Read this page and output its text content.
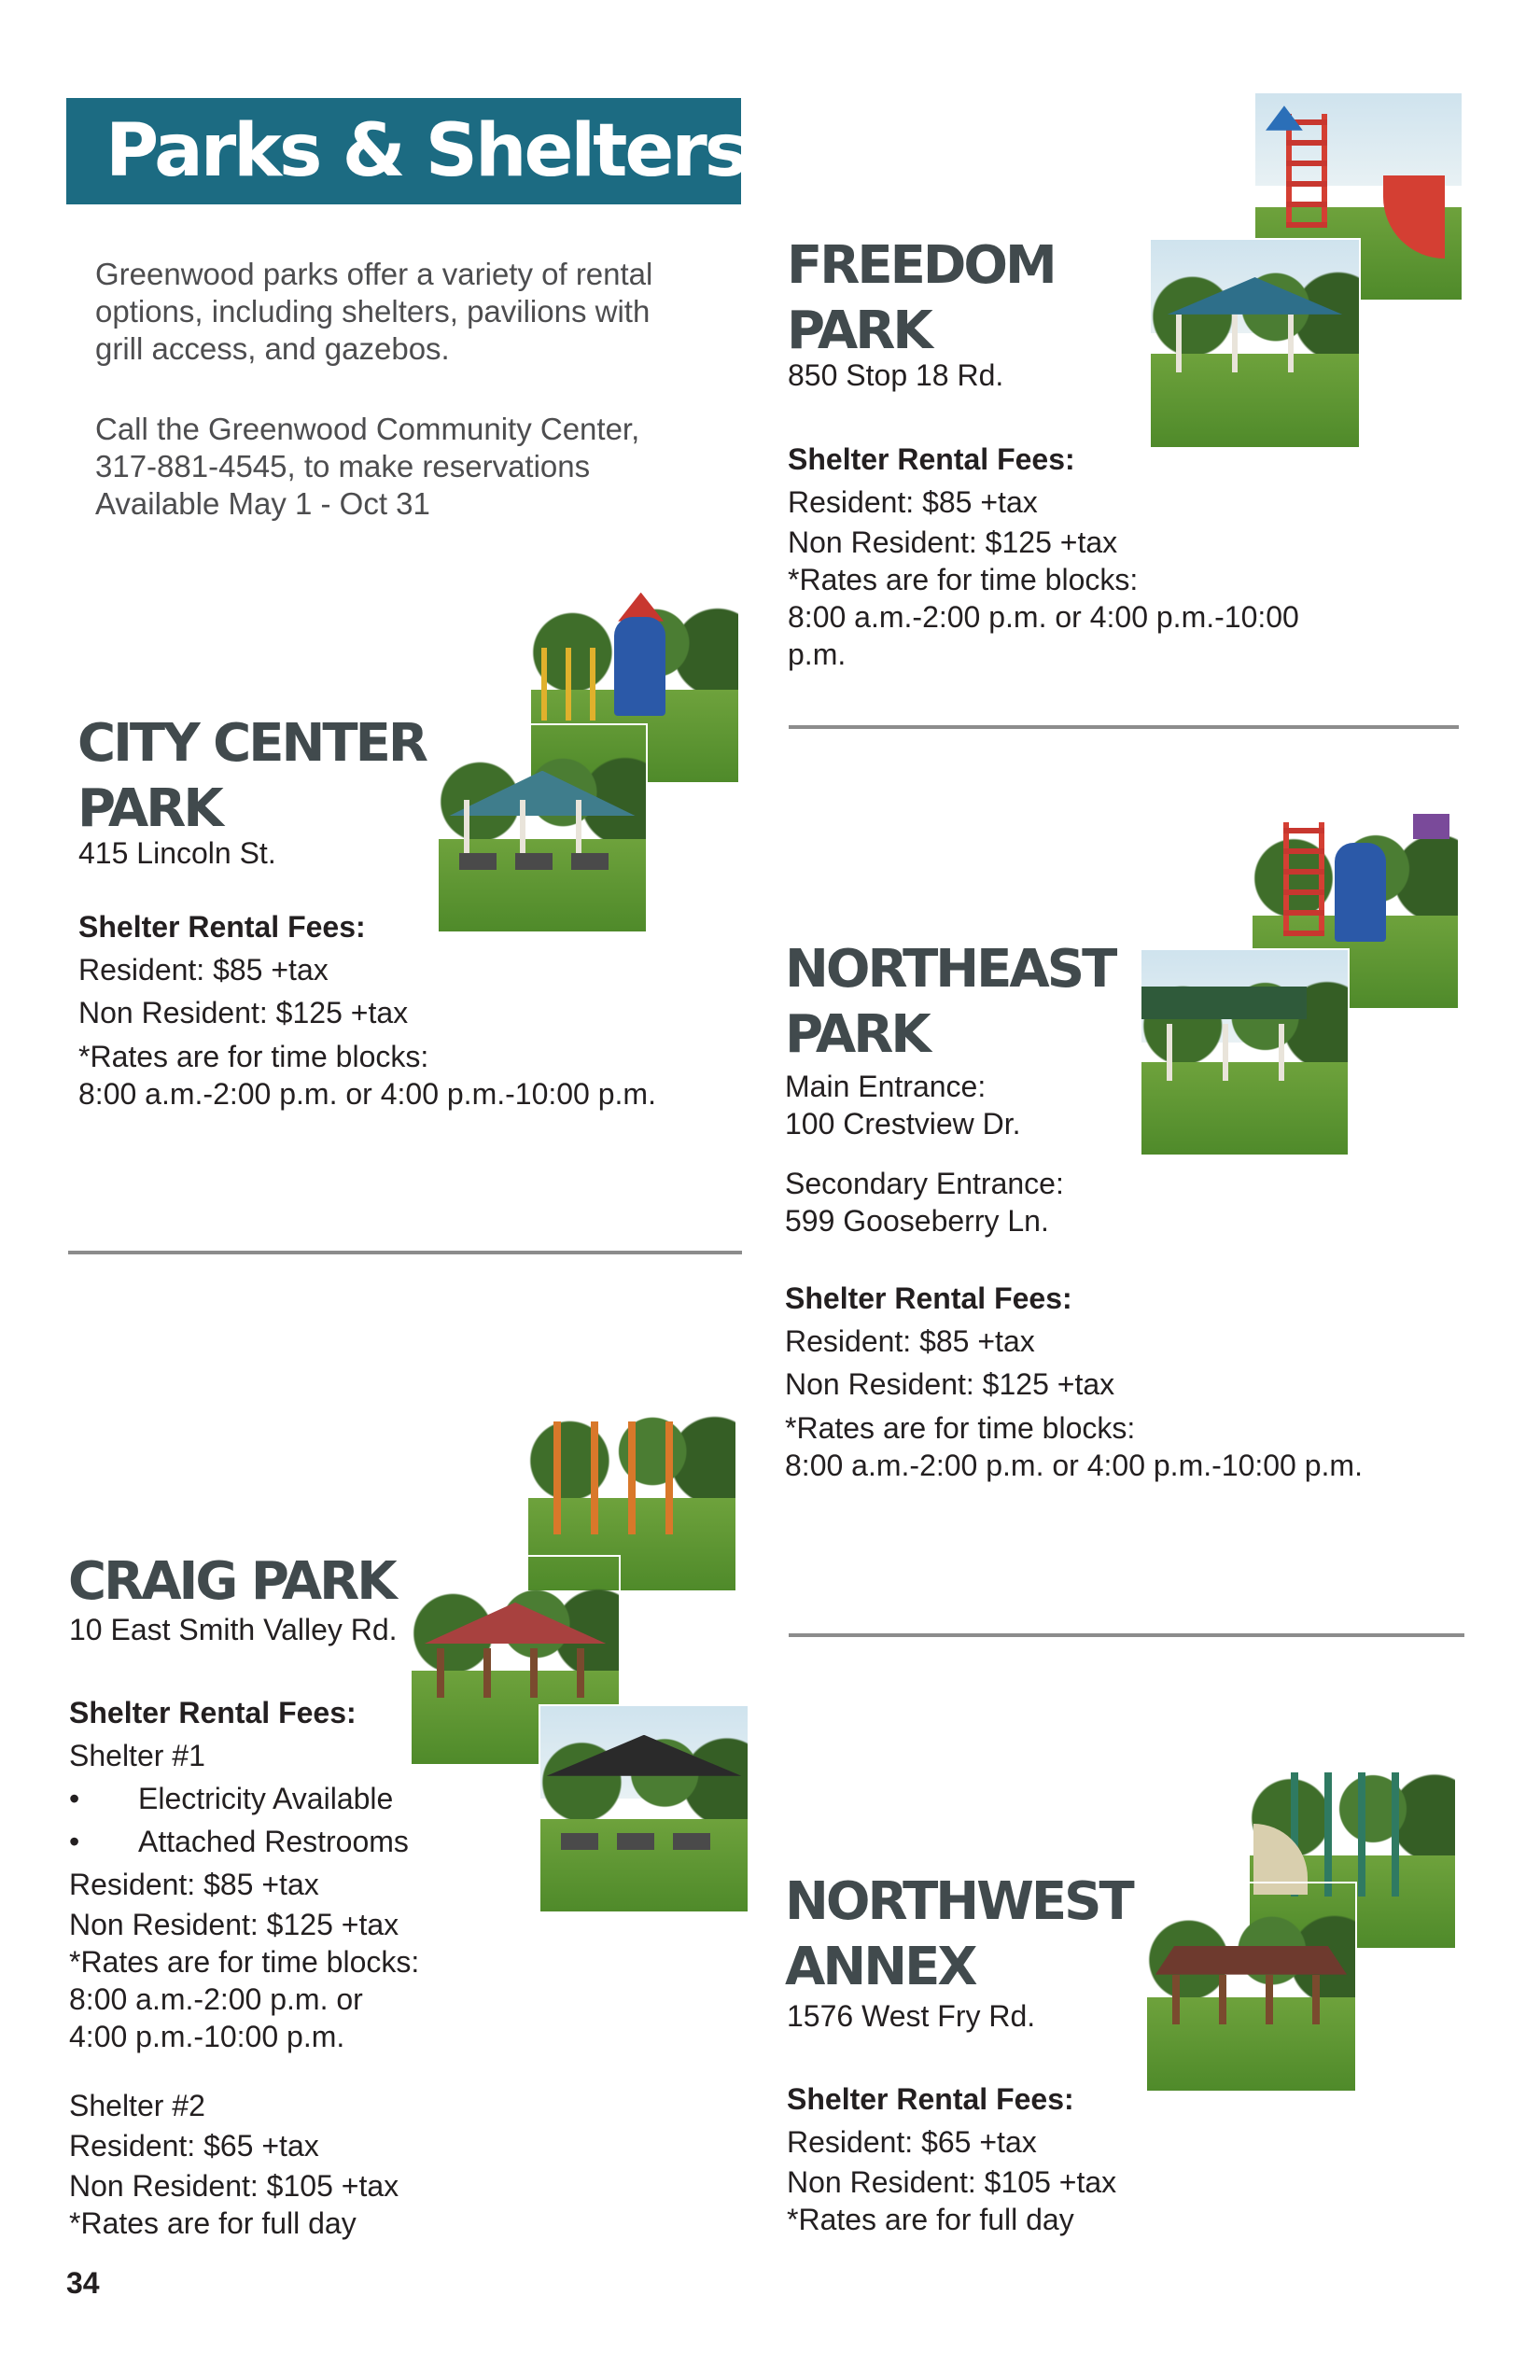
Parks & Shelters

Greenwood parks offer a variety of rental
options, including shelters, pavilions with
grill access, and gazebos.

Call the Greenwood Community Center,
317-881-4545, to make reservations
Available May 1 - Oct 31

FREEDOM
PARK
850 Stop 18 Rd.
Shelter Rental Fees:
Resident: $85 +tax
Non Resident: $125 +tax
*Rates are for time blocks:
8:00 a.m.-2:00 p.m. or 4:00 p.m.-10:00
p.m.
CITY CENTER
PARK
415 Lincoln St.
Shelter Rental Fees:
Resident: $85 +tax
Non Resident: $125 +tax
*Rates are for time blocks:
8:00 a.m.-2:00 p.m. or 4:00 p.m.-10:00 p.m.
NORTHEAST
PARK
Main Entrance:
100 Crestview Dr.
Secondary Entrance:
599 Gooseberry Ln.
Shelter Rental Fees:
Resident: $85 +tax
Non Resident: $125 +tax
*Rates are for time blocks:
8:00 a.m.-2:00 p.m. or 4:00 p.m.-10:00 p.m.
CRAIG PARK
10 East Smith Valley Rd.
Shelter Rental Fees:
Shelter #1
•	Electricity Available
•	Attached Restrooms
Resident: $85 +tax
Non Resident: $125 +tax
*Rates are for time blocks:
8:00 a.m.-2:00 p.m. or
4:00 p.m.-10:00 p.m.
Shelter #2
Resident: $65 +tax
Non Resident: $105 +tax
*Rates are for full day
NORTHWEST
ANNEX
1576 West Fry Rd.
Shelter Rental Fees:
Resident: $65 +tax
Non Resident: $105 +tax
*Rates are for full day
34
